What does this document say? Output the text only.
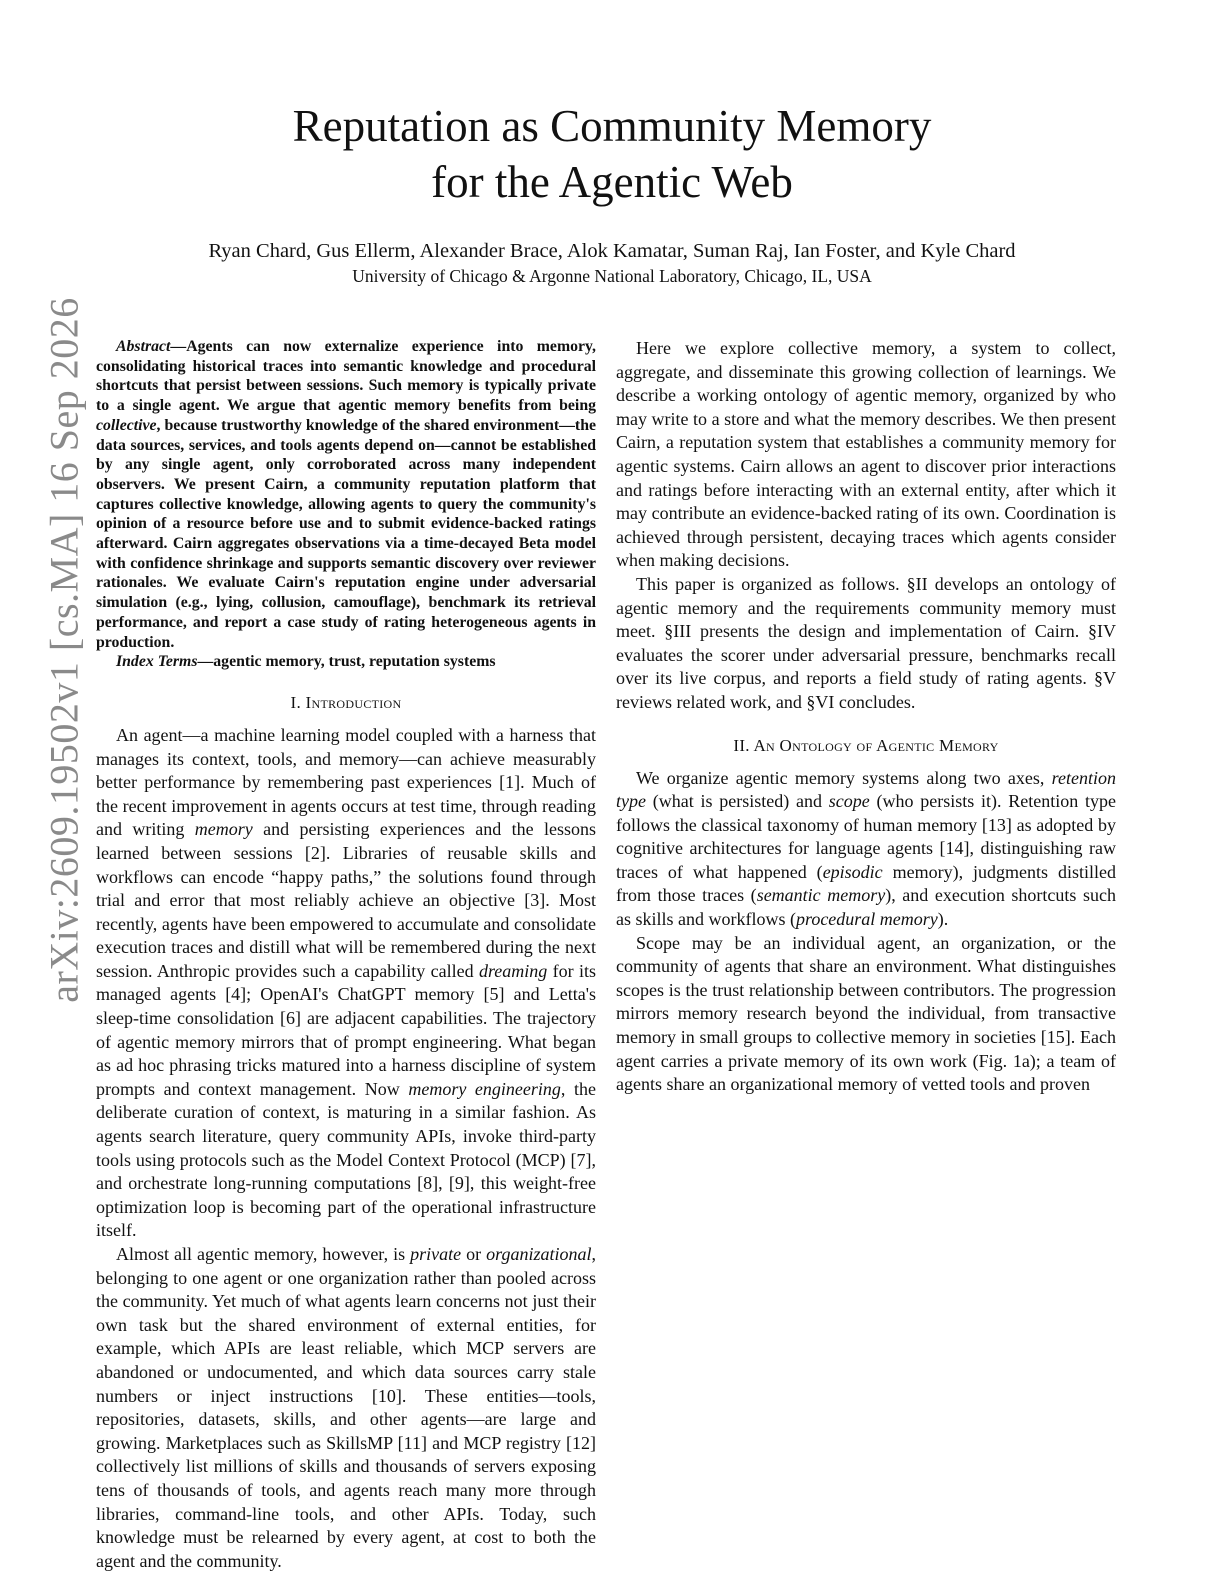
arXiv:2609.19502v1 [cs.MA] 16 Sep 2026
Reputation as Community Memory
for the Agentic Web
Ryan Chard, Gus Ellerm, Alexander Brace, Alok Kamatar, Suman Raj, Ian Foster, and Kyle Chard
University of Chicago & Argonne National Laboratory, Chicago, IL, USA

Abstract—Agents can now externalize experience into memory, consolidating historical traces into semantic knowledge and procedural shortcuts that persist between sessions. Such memory is typically private to a single agent. We argue that agentic memory benefits from being collective, because trustworthy knowledge of the shared environment—the data sources, services, and tools agents depend on—cannot be established by any single agent, only corroborated across many independent observers. We present Cairn, a community reputation platform that captures collective knowledge, allowing agents to query the community's opinion of a resource before use and to submit evidence-backed ratings afterward. Cairn aggregates observations via a time-decayed Beta model with confidence shrinkage and supports semantic discovery over reviewer rationales. We evaluate Cairn's reputation engine under adversarial simulation (e.g., lying, collusion, camouflage), benchmark its retrieval performance, and report a case study of rating heterogeneous agents in production.

Index Terms—agentic memory, trust, reputation systems

I. Introduction

An agent—a machine learning model coupled with a harness that manages its context, tools, and memory—can achieve measurably better performance by remembering past experiences [1]. Much of the recent improvement in agents occurs at test time, through reading and writing memory and persisting experiences and the lessons learned between sessions [2]. Libraries of reusable skills and workflows can encode “happy paths,” the solutions found through trial and error that most reliably achieve an objective [3]. Most recently, agents have been empowered to accumulate and consolidate execution traces and distill what will be remembered during the next session. Anthropic provides such a capability called dreaming for its managed agents [4]; OpenAI's ChatGPT memory [5] and Letta's sleep-time consolidation [6] are adjacent capabilities. The trajectory of agentic memory mirrors that of prompt engineering. What began as ad hoc phrasing tricks matured into a harness discipline of system prompts and context management. Now memory engineering, the deliberate curation of context, is maturing in a similar fashion. As agents search literature, query community APIs, invoke third-party tools using protocols such as the Model Context Protocol (MCP) [7], and orchestrate long-running computations [8], [9], this weight-free optimization loop is becoming part of the operational infrastructure itself.

Almost all agentic memory, however, is private or organizational, belonging to one agent or one organization rather than pooled across the community. Yet much of what agents learn concerns not just their own task but the shared environment of external entities, for example, which APIs are least reliable, which MCP servers are abandoned or undocumented, and which data sources carry stale numbers or inject instructions [10]. These entities—tools, repositories, datasets, skills, and other agents—are large and growing. Marketplaces such as SkillsMP [11] and MCP registry [12] collectively list millions of skills and thousands of servers exposing tens of thousands of tools, and agents reach many more through libraries, command-line tools, and other APIs. Today, such knowledge must be relearned by every agent, at cost to both the agent and the community.

Here we explore collective memory, a system to collect, aggregate, and disseminate this growing collection of learnings. We describe a working ontology of agentic memory, organized by who may write to a store and what the memory describes. We then present Cairn, a reputation system that establishes a community memory for agentic systems. Cairn allows an agent to discover prior interactions and ratings before interacting with an external entity, after which it may contribute an evidence-backed rating of its own. Coordination is achieved through persistent, decaying traces which agents consider when making decisions.

This paper is organized as follows. §II develops an ontology of agentic memory and the requirements community memory must meet. §III presents the design and implementation of Cairn. §IV evaluates the scorer under adversarial pressure, benchmarks recall over its live corpus, and reports a field study of rating agents. §V reviews related work, and §VI concludes.

II. An Ontology of Agentic Memory

We organize agentic memory systems along two axes, retention type (what is persisted) and scope (who persists it). Retention type follows the classical taxonomy of human memory [13] as adopted by cognitive architectures for language agents [14], distinguishing raw traces of what happened (episodic memory), judgments distilled from those traces (semantic memory), and execution shortcuts such as skills and workflows (procedural memory).

Scope may be an individual agent, an organization, or the community of agents that share an environment. What distinguishes scopes is the trust relationship between contributors. The progression mirrors memory research beyond the individual, from transactive memory in small groups to collective memory in societies [15]. Each agent carries a private memory of its own work (Fig. 1a); a team of agents share an organizational memory of vetted tools and proven
